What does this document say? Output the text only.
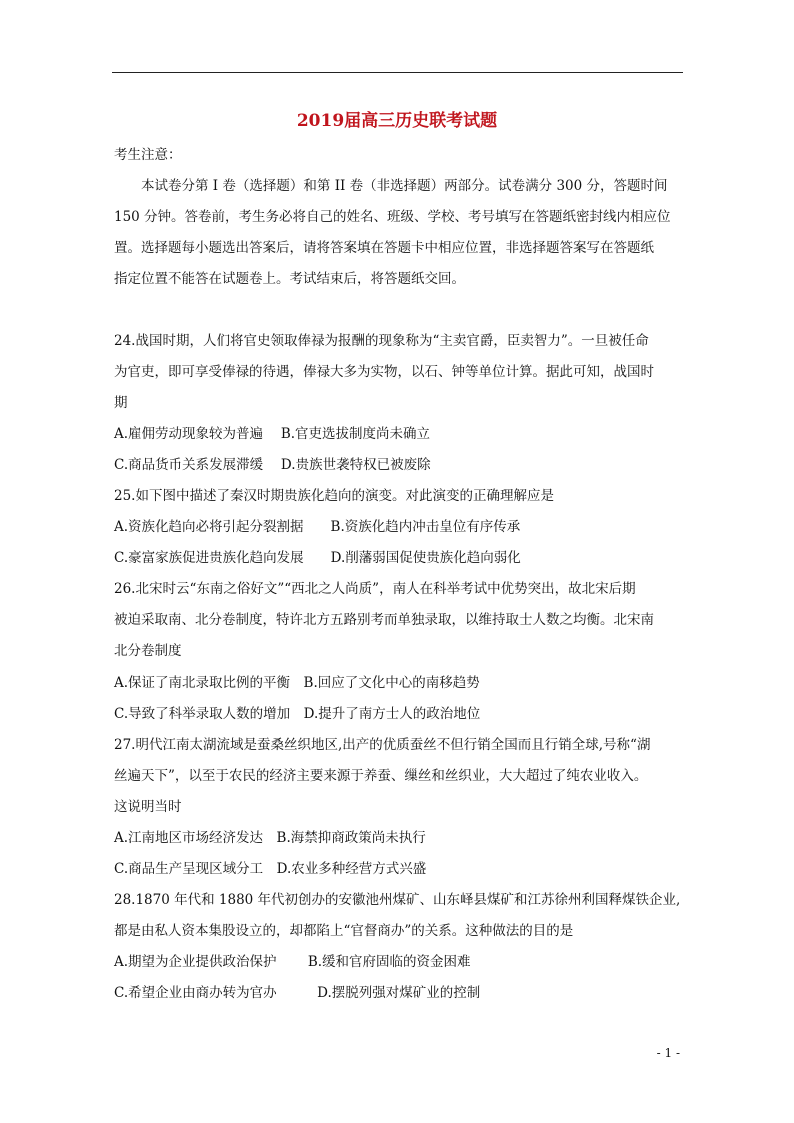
2019届高三历史联考试题
考生注意：
本试卷分第 I 卷（选择题）和第 II 卷（非选择题）两部分。试卷满分 300 分，答题时间
150 分钟。答卷前，考生务必将自己的姓名、班级、学校、考号填写在答题纸密封线内相应位
置。选择题每小题选出答案后，请将答案填在答题卡中相应位置，非选择题答案写在答题纸
指定位置不能答在试题卷上。考试结束后，将答题纸交回。
24.战国时期，人们将官史领取俸禄为报酬的现象称为“主卖官爵，臣卖智力”。一旦被任命
为官吏，即可享受俸禄的待遇，俸禄大多为实物，以石、钟等单位计算。据此可知，战国时
期
A.雇佣劳动现象较为普遍　 B.官吏选拔制度尚未确立
C.商品货币关系发展滞缓　 D.贵族世袭特权已被废除
25.如下图中描述了秦汉时期贵族化趋向的演变。对此演变的正确理解应是
A.资族化趋向必将引起分裂割据　　B.资族化趋内冲击皇位有序传承
C.豪富家族促进贵族化趋向发展　　D.削藩弱国促使贵族化趋向弱化
26.北宋时云“东南之俗好文”“西北之人尚质”，南人在科举考试中优势突出，故北宋后期
被迫采取南、北分卷制度，特许北方五路别考而单独录取，以维持取士人数之均衡。北宋南
北分卷制度
A.保证了南北录取比例的平衡　B.回应了文化中心的南移趋势
C.导致了科举录取人数的增加　D.提升了南方士人的政治地位
27.明代江南太湖流域是蚕桑丝织地区,出产的优质蚕丝不但行销全国而且行销全球,号称“湖
丝遍天下”，以至于农民的经济主要来源于养蚕、缫丝和丝织业，大大超过了纯农业收入。
这说明当时
A.江南地区市场经济发达　B.海禁抑商政策尚未执行
C.商品生产呈现区域分工　D.农业多种经营方式兴盛
28.1870 年代和 1880 年代初创办的安徽池州煤矿、山东峄县煤矿和江苏徐州利国释煤铁企业,
都是由私人资本集股设立的，却都陷上“官督商办”的关系。这种做法的目的是
A.期望为企业提供政治保护　　 B.缓和官府固临的资金困难
C.希望企业由商办转为官办　　　D.摆脱列强对煤矿业的控制
- 1 -
